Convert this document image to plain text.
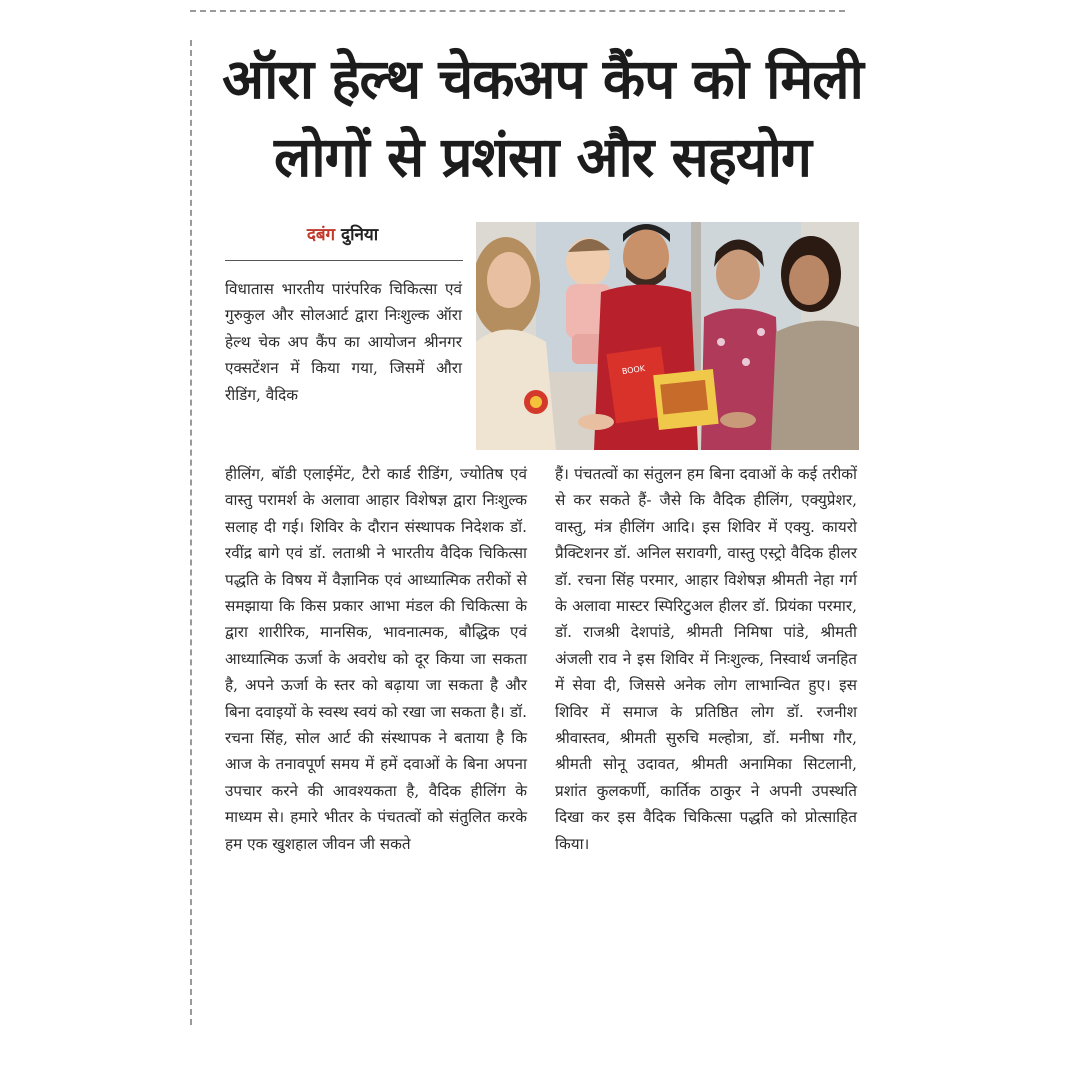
ऑरा हेल्थ चेकअप कैंप को मिली
लोगों से प्रशंसा और सहयोग
दबंग दुनिया
BOOK

विधातास भारतीय पारंपरिक चिकित्सा एवं गुरुकुल और सोलआर्ट द्वारा निःशुल्क ऑरा हेल्थ चेक अप कैंप का आयोजन श्रीनगर एक्सटेंशन में किया गया, जिसमें औरा रीडिंग, वैदिक

हीलिंग, बॉडी एलाईमेंट, टैरो कार्ड रीडिंग, ज्योतिष एवं वास्तु परामर्श के अलावा आहार विशेषज्ञ द्वारा निःशुल्क सलाह दी गई। शिविर के दौरान संस्थापक निदेशक डॉ. रवींद्र बागे एवं डॉ. लताश्री ने भारतीय वैदिक चिकित्सा पद्धति के विषय में वैज्ञानिक एवं आध्यात्मिक तरीकों से समझाया कि किस प्रकार आभा मंडल की चिकित्सा के द्वारा शारीरिक, मानसिक, भावनात्मक, बौद्धिक एवं आध्यात्मिक ऊर्जा के अवरोध को दूर किया जा सकता है, अपने ऊर्जा के स्तर को बढ़ाया जा सकता है और बिना दवाइयों के स्वस्थ स्वयं को रखा जा सकता है। डॉ. रचना सिंह, सोल आर्ट की संस्थापक ने बताया है कि आज के तनावपूर्ण समय में हमें दवाओं के बिना अपना उपचार करने की आवश्यकता है, वैदिक हीलिंग के माध्यम से। हमारे भीतर के पंचतत्वों को संतुलित करके हम एक खुशहाल जीवन जी सकते

हैं। पंचतत्वों का संतुलन हम बिना दवाओं के कई तरीकों से कर सकते हैं- जैसे कि वैदिक हीलिंग, एक्युप्रेशर, वास्तु, मंत्र हीलिंग आदि। इस शिविर में एक्यु. कायरो प्रैक्टिशनर डॉ. अनिल सरावगी, वास्तु एस्ट्रो वैदिक हीलर डॉ. रचना सिंह परमार, आहार विशेषज्ञ श्रीमती नेहा गर्ग के अलावा मास्टर स्पिरिटुअल हीलर डॉ. प्रियंका परमार, डॉ. राजश्री देशपांडे, श्रीमती निमिषा पांडे, श्रीमती अंजली राव ने इस शिविर में निःशुल्क, निस्वार्थ जनहित में सेवा दी, जिससे अनेक लोग लाभान्वित हुए। इस शिविर में समाज के प्रतिष्ठित लोग डॉ. रजनीश श्रीवास्तव, श्रीमती सुरुचि मल्होत्रा, डॉ. मनीषा गौर, श्रीमती सोनू उदावत, श्रीमती अनामिका सिटलानी, प्रशांत कुलकर्णी, कार्तिक ठाकुर ने अपनी उपस्थति दिखा कर इस वैदिक चिकित्सा पद्धति को प्रोत्साहित किया।
